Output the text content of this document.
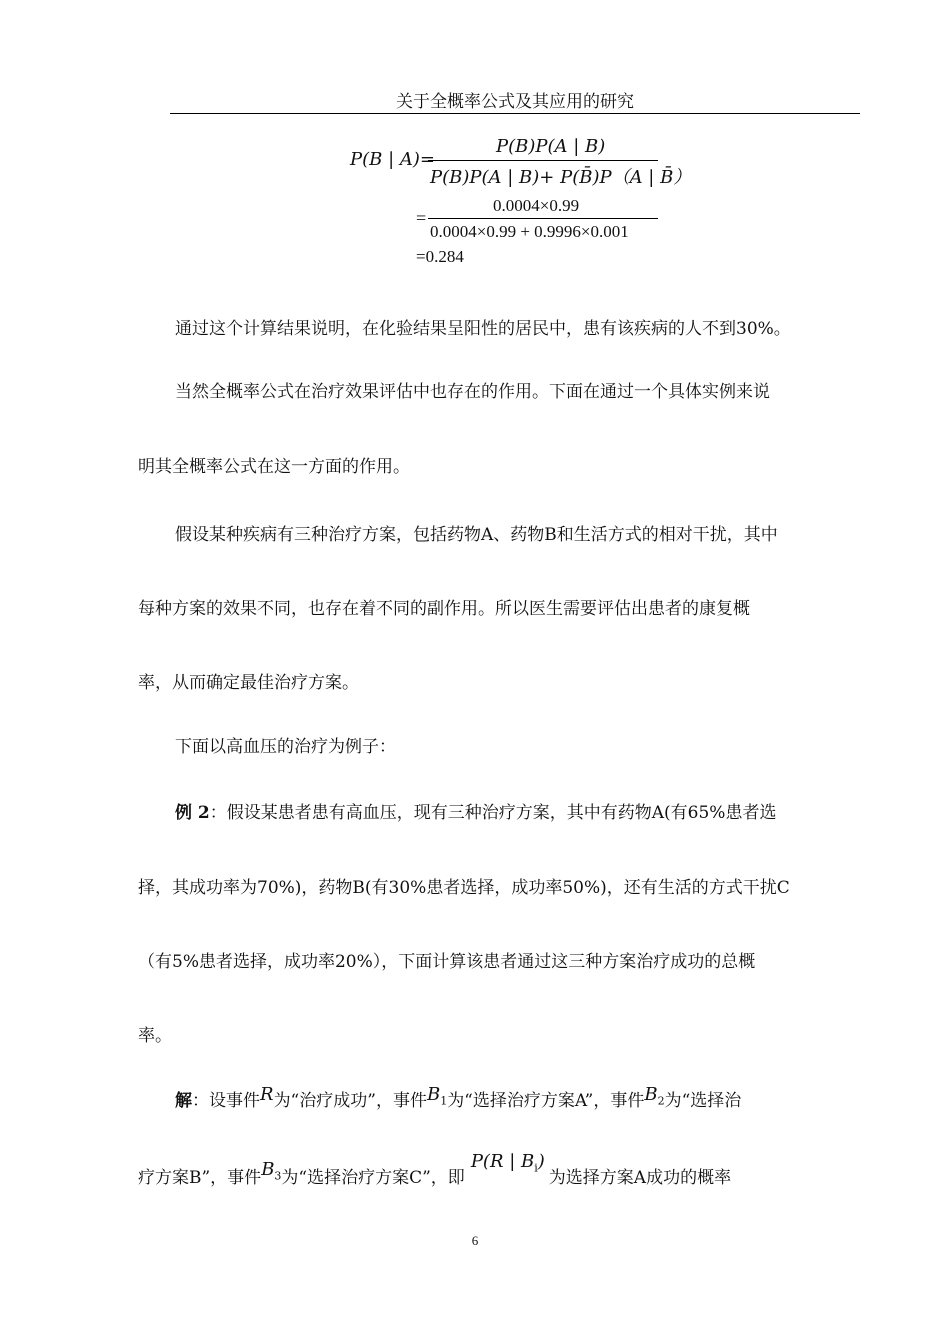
关于全概率公式及其应用的研究
P(B | A)=
P(B)P(A | B)
P(B)P(A | B)+ P(B̄)P（A | B̄）
=
0.0004×0.99
0.0004×0.99 + 0.9996×0.001
=0.284
通过这个计算结果说明，在化验结果呈阳性的居民中，患有该疾病的人不到30%。
当然全概率公式在治疗效果评估中也存在的作用。下面在通过一个具体实例来说
明其全概率公式在这一方面的作用。
假设某种疾病有三种治疗方案，包括药物A、药物B和生活方式的相对干扰，其中
每种方案的效果不同，也存在着不同的副作用。所以医生需要评估出患者的康复概
率，从而确定最佳治疗方案。
下面以高血压的治疗为例子：
例 2：假设某患者患有高血压，现有三种治疗方案，其中有药物A(有65%患者选
择，其成功率为70%)，药物B(有30%患者选择，成功率50%)，还有生活的方式干扰C
（有5%患者选择，成功率20%），下面计算该患者通过这三种方案治疗成功的总概
率。
解：设事件R为“治疗成功”，事件$B_1$为“选择治疗方案A”，事件$B_2$为“选择治
疗方案B”，事件$B_3$为“选择治疗方案C”，即P(R | $B_i$)为选择方案A成功的概率
6
